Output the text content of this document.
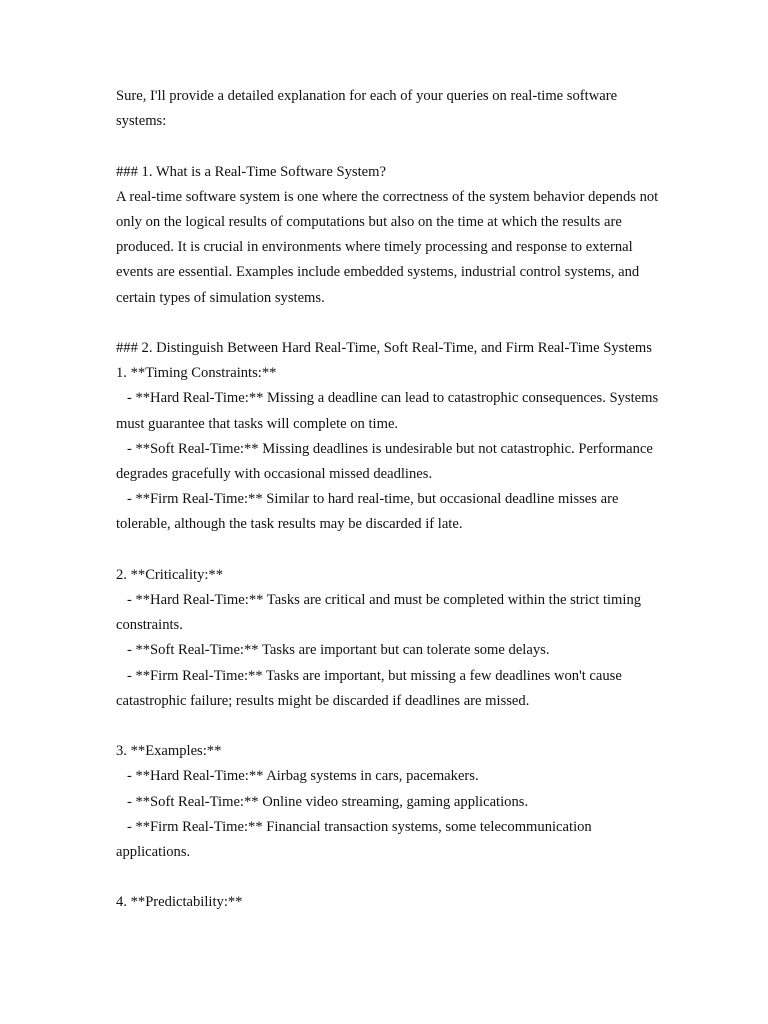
Sure, I'll provide a detailed explanation for each of your queries on real-time software systems:

### 1. What is a Real-Time Software System?

A real-time software system is one where the correctness of the system behavior depends not only on the logical results of computations but also on the time at which the results are produced. It is crucial in environments where timely processing and response to external events are essential. Examples include embedded systems, industrial control systems, and certain types of simulation systems.

### 2. Distinguish Between Hard Real-Time, Soft Real-Time, and Firm Real-Time Systems

1. **Timing Constraints:**

- **Hard Real-Time:** Missing a deadline can lead to catastrophic consequences. Systems must guarantee that tasks will complete on time.

- **Soft Real-Time:** Missing deadlines is undesirable but not catastrophic. Performance degrades gracefully with occasional missed deadlines.

- **Firm Real-Time:** Similar to hard real-time, but occasional deadline misses are tolerable, although the task results may be discarded if late.

2. **Criticality:**

- **Hard Real-Time:** Tasks are critical and must be completed within the strict timing constraints.

- **Soft Real-Time:** Tasks are important but can tolerate some delays.

- **Firm Real-Time:** Tasks are important, but missing a few deadlines won't cause catastrophic failure; results might be discarded if deadlines are missed.

3. **Examples:**

- **Hard Real-Time:** Airbag systems in cars, pacemakers.

- **Soft Real-Time:** Online video streaming, gaming applications.

- **Firm Real-Time:** Financial transaction systems, some telecommunication applications.

4. **Predictability:**
